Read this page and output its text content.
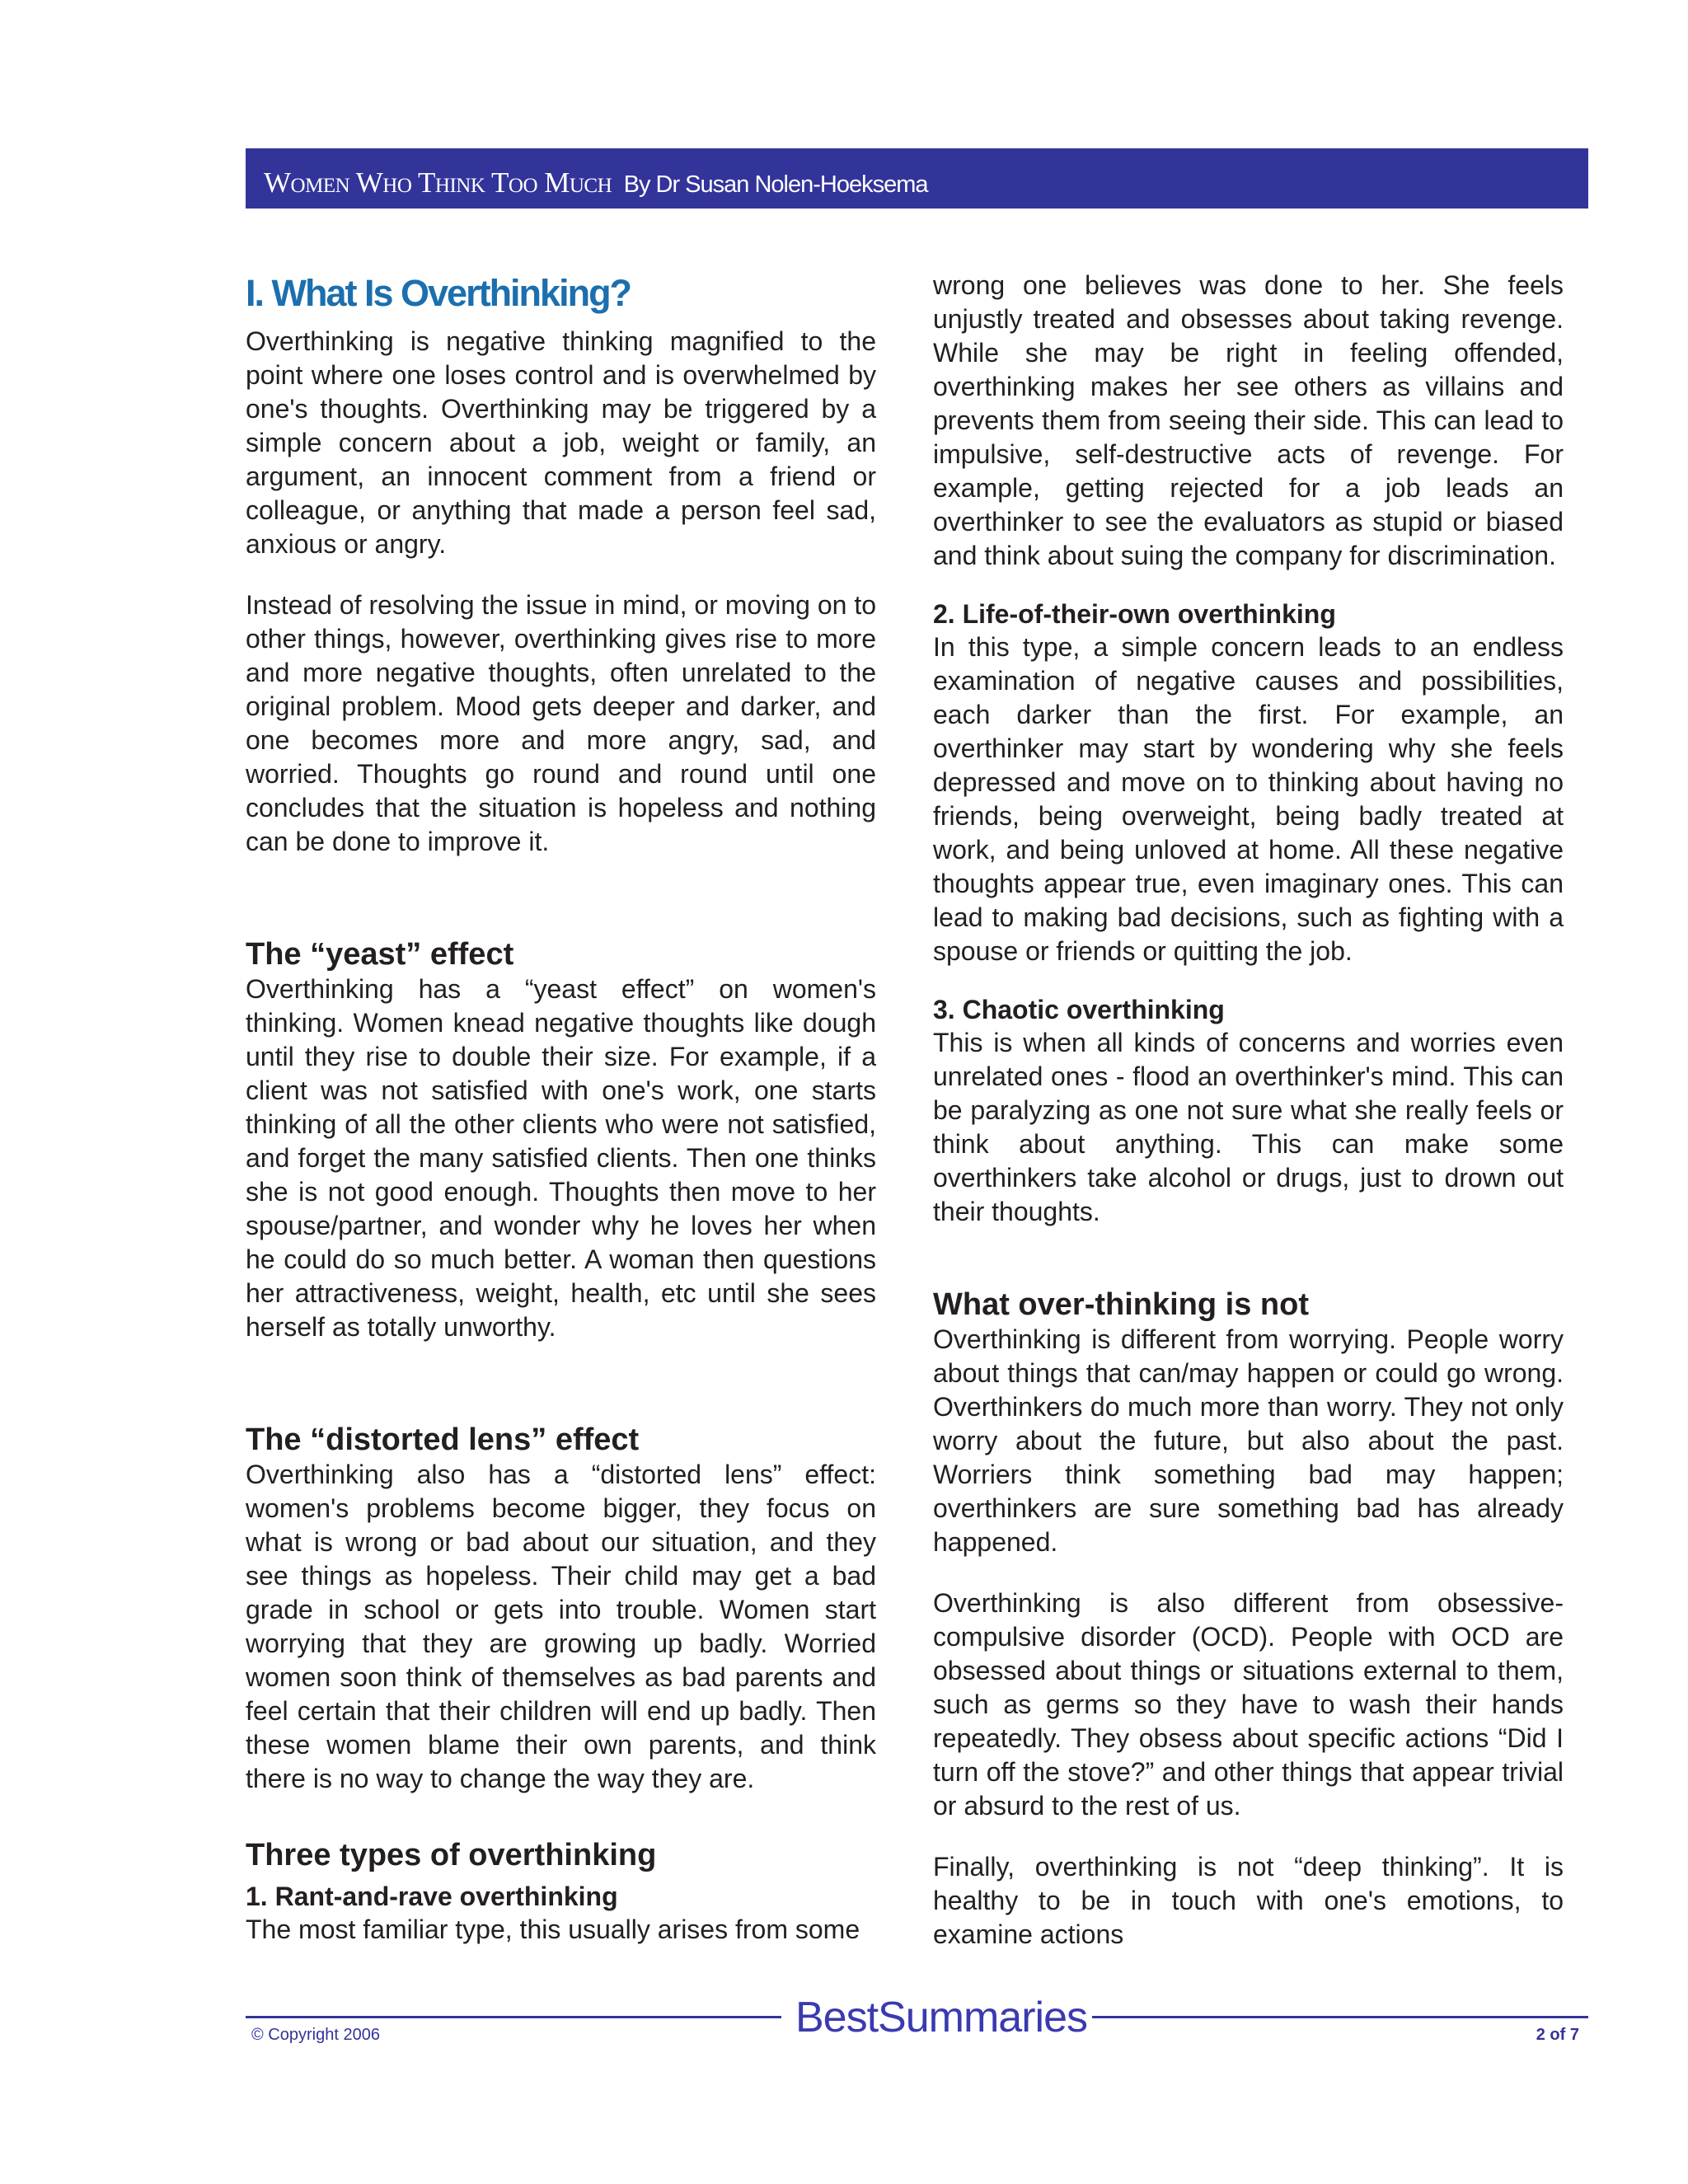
Women Who Think Too Much By Dr Susan Nolen-Hoeksema
I. What Is Overthinking?

Overthinking is negative thinking magnified to the point where one loses control and is overwhelmed by one's thoughts. Overthinking may be triggered by a simple concern about a job, weight or family, an argument, an innocent comment from a friend or colleague, or anything that made a person feel sad, anxious or angry.

Instead of resolving the issue in mind, or moving on to other things, however, overthinking gives rise to more and more negative thoughts, often unrelated to the original problem. Mood gets deeper and darker, and one becomes more and more angry, sad, and worried. Thoughts go round and round until one concludes that the situation is hopeless and nothing can be done to improve it.

The “yeast” effect

Overthinking has a “yeast effect” on women's thinking. Women knead negative thoughts like dough until they rise to double their size. For example, if a client was not satisfied with one's work, one starts thinking of all the other clients who were not satisfied, and forget the many satisfied clients. Then one thinks she is not good enough. Thoughts then move to her spouse/partner, and wonder why he loves her when he could do so much better. A woman then questions her attractiveness, weight, health, etc until she sees herself as totally unworthy.

The “distorted lens” effect

Overthinking also has a “distorted lens” effect: women's problems become bigger, they focus on what is wrong or bad about our situation, and they see things as hopeless. Their child may get a bad grade in school or gets into trouble. Women start worrying that they are growing up badly. Worried women soon think of themselves as bad parents and feel certain that their children will end up badly. Then these women blame their own parents, and think there is no way to change the way they are.

Three types of overthinking
1. Rant-and-rave overthinking

The most familiar type, this usually arises from some

wrong one believes was done to her. She feels unjustly treated and obsesses about taking revenge. While she may be right in feeling offended, overthinking makes her see others as villains and prevents them from seeing their side. This can lead to impulsive, self-destructive acts of revenge. For example, getting rejected for a job leads an overthinker to see the evaluators as stupid or biased and think about suing the company for discrimination.

2. Life-of-their-own overthinking

In this type, a simple concern leads to an endless examination of negative causes and possibilities, each darker than the first. For example, an overthinker may start by wondering why she feels depressed and move on to thinking about having no friends, being overweight, being badly treated at work, and being unloved at home. All these negative thoughts appear true, even imaginary ones. This can lead to making bad decisions, such as fighting with a spouse or friends or quitting the job.

3. Chaotic overthinking

This is when all kinds of concerns and worries even unrelated ones - flood an overthinker's mind. This can be paralyzing as one not sure what she really feels or think about anything. This can make some overthinkers take alcohol or drugs, just to drown out their thoughts.

What over-thinking is not

Overthinking is different from worrying. People worry about things that can/may happen or could go wrong. Overthinkers do much more than worry. They not only worry about the future, but also about the past. Worriers think something bad may happen; overthinkers are sure something bad has already happened.

Overthinking is also different from obsessive-compulsive disorder (OCD). People with OCD are obsessed about things or situations external to them, such as germs so they have to wash their hands repeatedly. They obsess about specific actions “Did I turn off the stove?” and other things that appear trivial or absurd to the rest of us.

Finally, overthinking is not “deep thinking”. It is healthy to be in touch with one's emotions, to examine actions

BestSummaries
© Copyright 2006	2 of 7
